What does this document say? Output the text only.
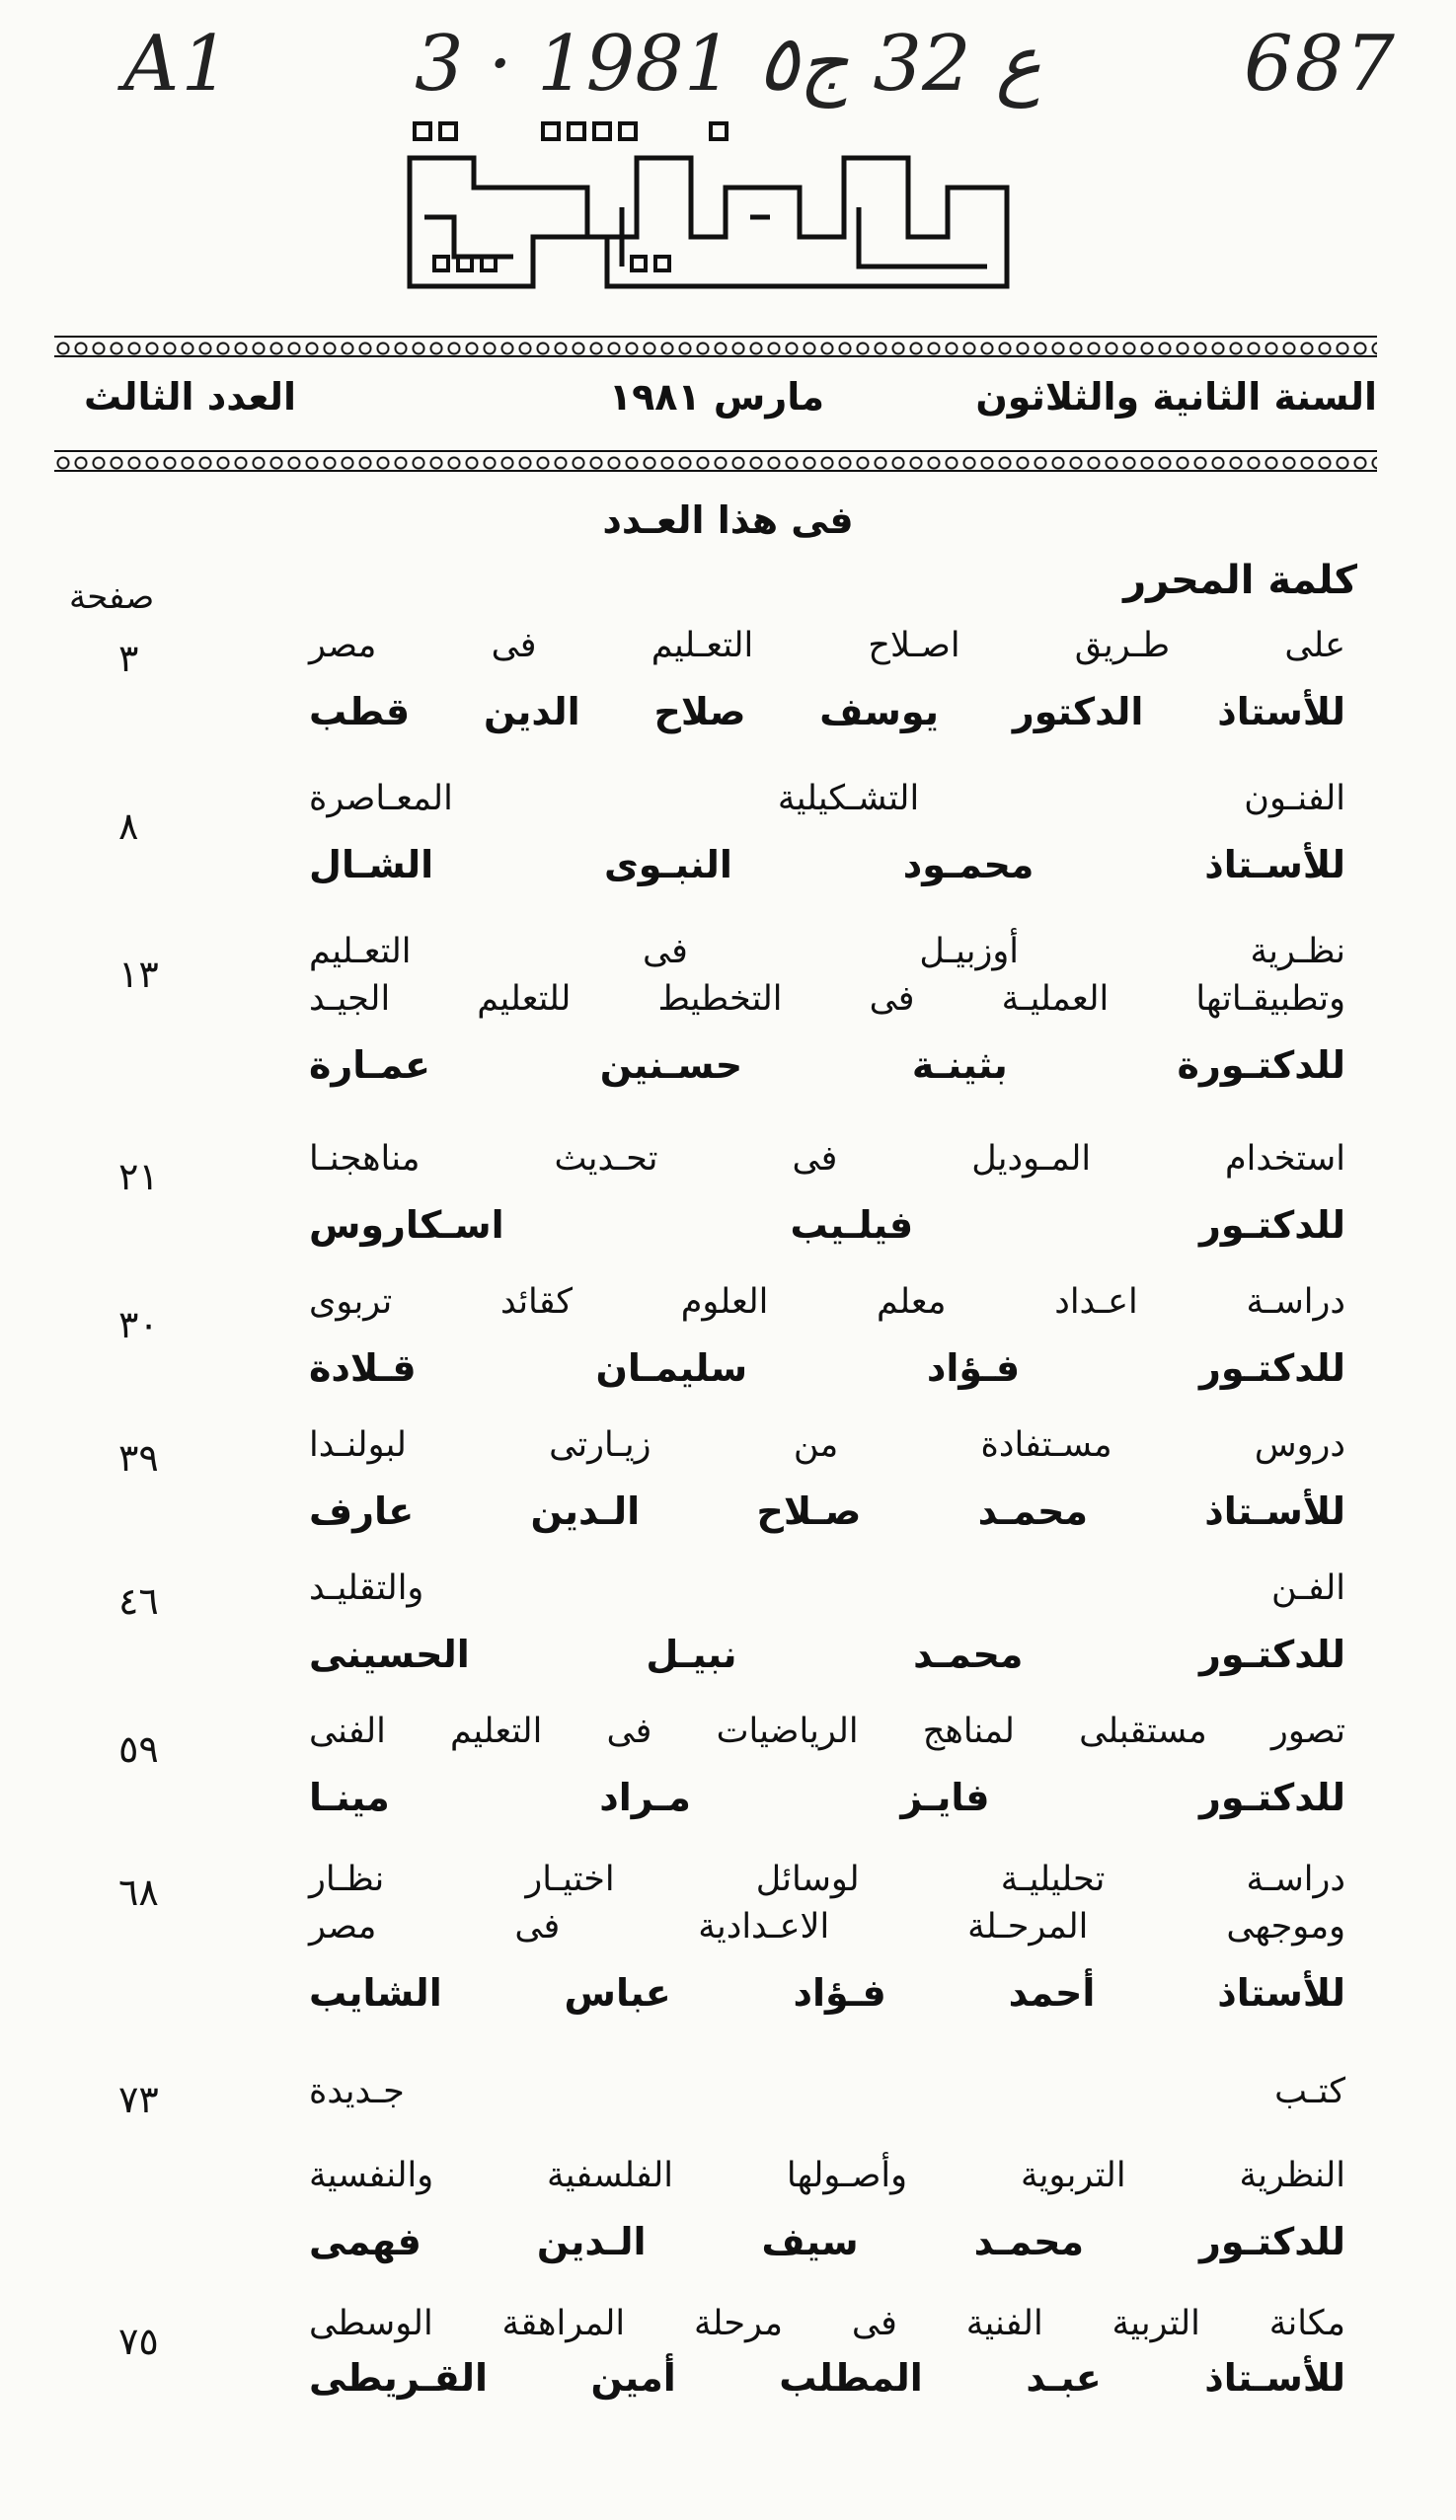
A1 3 · ع 32 ج٥ 1981	687
السنة الثانية والثلاثون
مارس ١٩٨١
العدد الثالث
فى هذا العـدد
كلمة المحرر
صفحة
على طـريق اصـلاح التعـليم فى مصر
للأستاذ الدكتور يوسف صلاح الدين قطب
٣
الفنـون التشـكيلية المعـاصرة
للأسـتاذ محمـود النبـوى الشـال
٨
نظـرية أوزبيـل فى التعـليم
وتطبيقـاتها العمليـة فى التخطيط للتعليم الجيـد
للدكتـورة بثينـة حسـنين عمـارة
١٣
استخدام المـوديل فى تحـديث مناهجنـا
للدكتـور فيلـيب اسـكاروس
٢١
دراسـة اعـداد معلم العلوم كقائد تربوى
للدكتـور فـؤاد سليمـان قـلادة
٣٠
دروس مسـتفادة من زيـارتى لبولنـدا
للأسـتاذ محمـد صـلاح الـدين عارف
٣٩
الفـن والتقليـد
للدكتـور محمـد نبيـل الحسينى
٤٦
تصور مستقبلى لمناهج الرياضيات فى التعليم الفنى
للدكتـور فايـز مـراد مينـا
٥٩
دراسـة تحليليـة لوسائل اختيـار نظـار
وموجهى المرحـلة الاعـدادية فى مصر
للأستاذ أحمد فـؤاد عباس الشايب
٦٨
كتـب جـديدة
٧٣
النظرية التربوية وأصـولها الفلسفية والنفسية
للدكتـور محمـد سيف الـدين فهمى
مكانة التربية الفنية فى مرحلة المراهقة الوسطى
للأسـتاذ عبـد المطلب أمين القـريطى
٧٥
